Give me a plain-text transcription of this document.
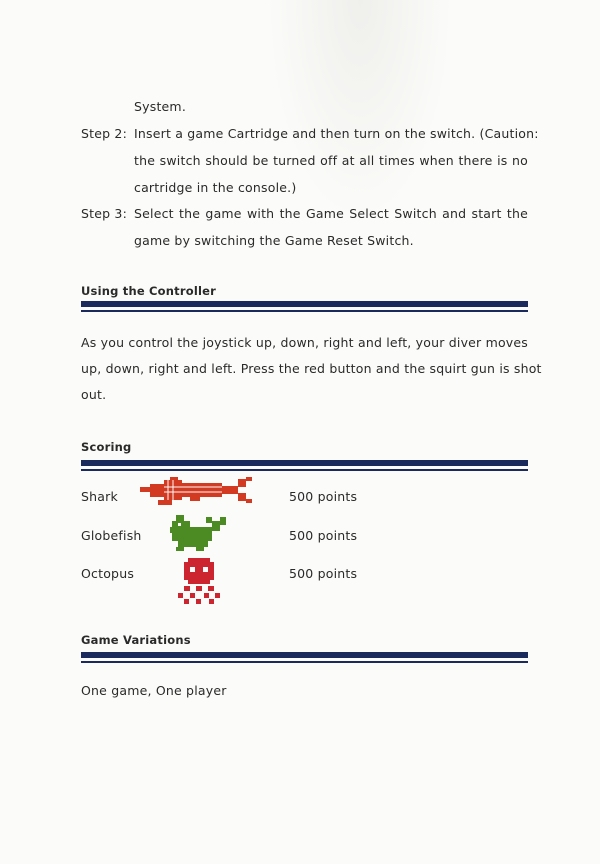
System.
Step 2: Insert a game Cartridge and then turn on the switch. (Caution:
the switch should be turned off at all times when there is no
cartridge in the console.)
Step 3: Select the game with the Game Select Switch and start the
game by switching the Game Reset Switch.
Using the Controller
As you control the joystick up, down, right and left, your diver moves
up, down, right and left. Press the red button and the squirt gun is shot
out.
Scoring
Shark	500 points
Globefish	500 points
Octopus	500 points
Game Variations
One game, One player
